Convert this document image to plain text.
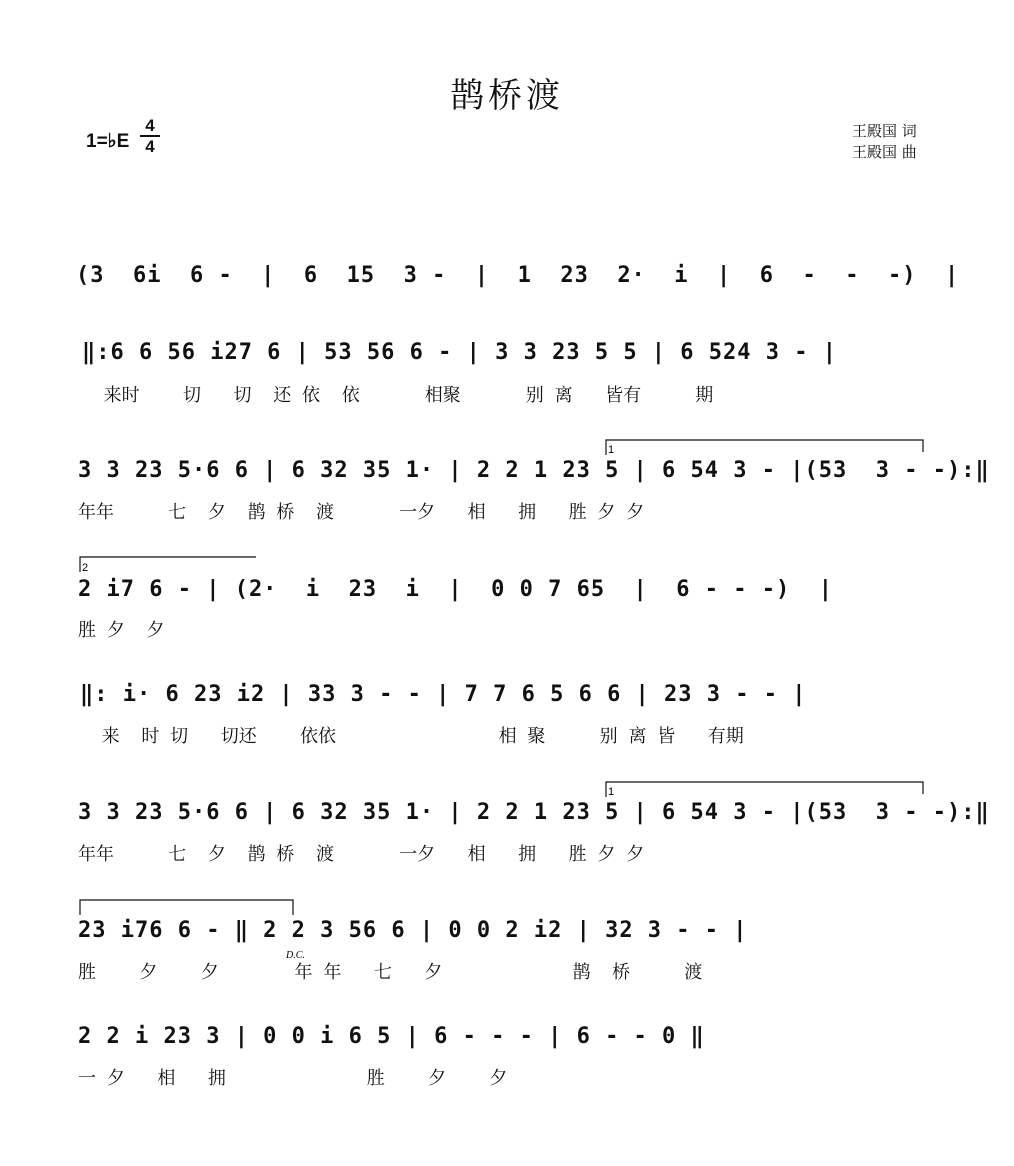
鹊桥渡
1=♭E
4
4
王殿国 词
王殿国 曲
(3  6i  6 -  |  6  15  3 -  |  1  23  2·  i  |  6  -  -  -)  |
‖:6 6 56 i27 6 | 53 56 6 - | 3 3 23 5 5 | 6 524 3 - |
来时    切   切  还 依  依      相聚      别 离   皆有     期
3 3 23 5·6 6 | 6 32 35 1· | 2 2 1 23 5 | 6 54 3 - |(53  3 - -):‖
年年     七  夕  鹊 桥  渡      一夕   相   拥   胜 夕 夕
2 i7 6 - | (2·  i  23  i  |  0 0 7 65  |  6 - - -)  |
胜 夕  夕
‖: i· 6 23 i2 | 33 3 - - | 7 7 6 5 6 6 | 23 3 - - |
来  时 切   切还    依依               相 聚     别 离 皆   有期
3 3 23 5·6 6 | 6 32 35 1· | 2 2 1 23 5 | 6 54 3 - |(53  3 - -):‖
年年     七  夕  鹊 桥  渡      一夕   相   拥   胜 夕 夕
23 i76 6 - ‖ 2 2 3 56 6 | 0 0 2 i2 | 32 3 - - |
胜    夕    夕       年 年   七   夕            鹊  桥     渡
2 2 i 23 3 | 0 0 i 6 5 | 6 - - - | 6 - - 0 ‖
一 夕   相   拥             胜    夕    夕
1
2
1
D.C.
